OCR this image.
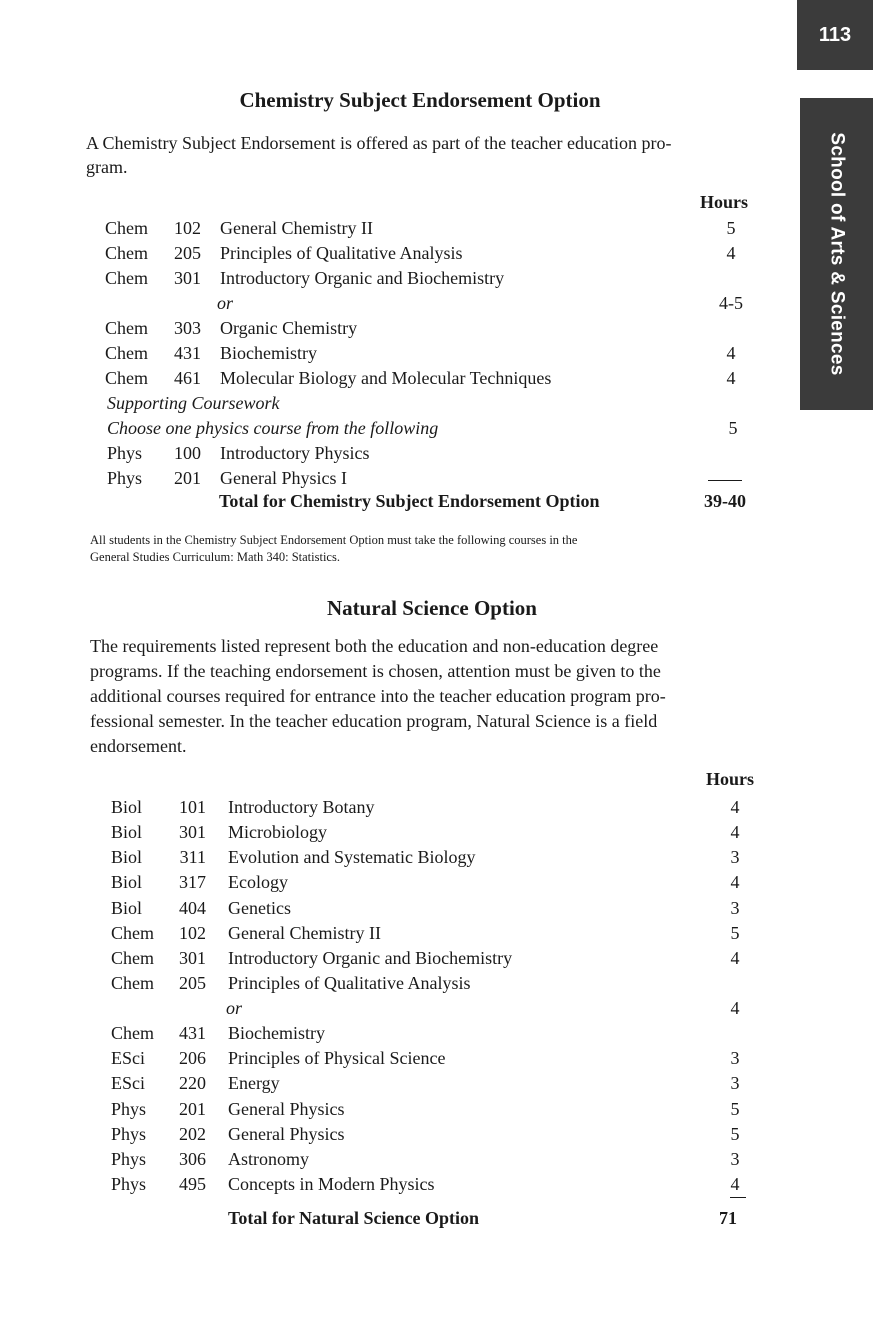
113
School of Arts & Sciences
Chemistry Subject Endorsement Option

A Chemistry Subject Endorsement is offered as part of the teacher education pro-
gram.

Hours
Chem	102 General Chemistry II	5
Chem	205 Principles of Qualitative Analysis	4
Chem	301 Introductory Organic and Biochemistry
or	4-5
Chem	303 Organic Chemistry
Chem	431 Biochemistry	4
Chem	461 Molecular Biology and Molecular Techniques	4
Supporting Coursework
Choose one physics course from the following	5
Phys	100 Introductory Physics
Phys	201 General Physics I
Total for Chemistry Subject Endorsement Option	39-40

All students in the Chemistry Subject Endorsement Option must take the following courses in the
General Studies Curriculum: Math 340: Statistics.

Natural Science Option

The requirements listed represent both the education and non-education degree
programs. If the teaching endorsement is chosen, attention must be given to the
additional courses required for entrance into the teacher education program pro-
fessional semester. In the teacher education program, Natural Science is a field
endorsement.

Hours
Biol	101 Introductory Botany	4
Biol	301 Microbiology	4
Biol	311 Evolution and Systematic Biology	3
Biol	317 Ecology	4
Biol	404 Genetics	3
Chem	102 General Chemistry II	5
Chem	301 Introductory Organic and Biochemistry	4
Chem	205 Principles of Qualitative Analysis
or	4
Chem	431 Biochemistry
ESci	206 Principles of Physical Science	3
ESci	220 Energy	3
Phys	201 General Physics	5
Phys	202 General Physics	5
Phys	306 Astronomy	3
Phys	495 Concepts in Modern Physics	4
Total for Natural Science Option	71
